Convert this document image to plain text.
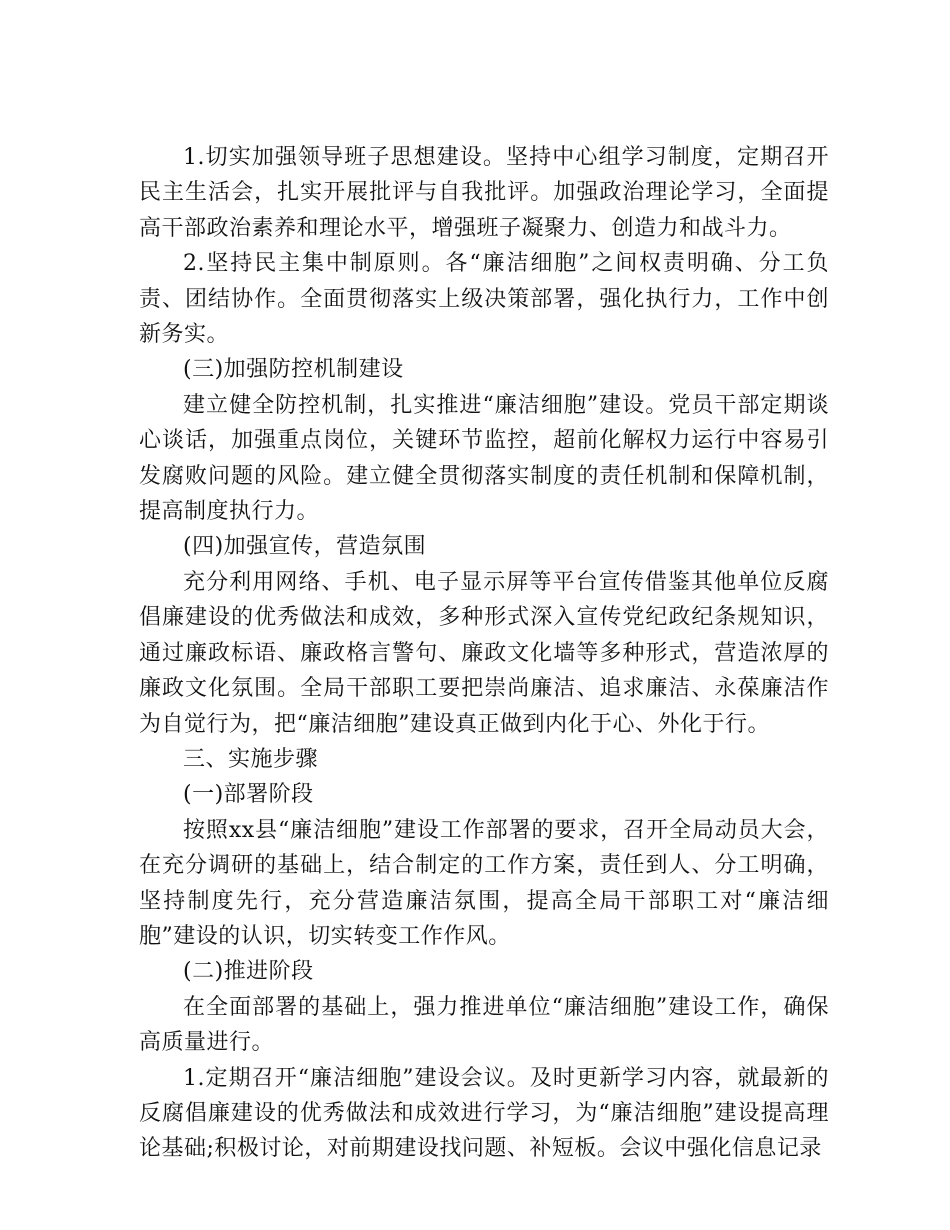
1.切实加强领导班子思想建设。坚持中心组学习制度，定期召开民主生活会，扎实开展批评与自我批评。加强政治理论学习，全面提高干部政治素养和理论水平，增强班子凝聚力、创造力和战斗力。

2.坚持民主集中制原则。各“廉洁细胞”之间权责明确、分工负责、团结协作。全面贯彻落实上级决策部署，强化执行力，工作中创新务实。

(三)加强防控机制建设

建立健全防控机制，扎实推进“廉洁细胞”建设。党员干部定期谈心谈话，加强重点岗位，关键环节监控，超前化解权力运行中容易引发腐败问题的风险。建立健全贯彻落实制度的责任机制和保障机制，提高制度执行力。

(四)加强宣传，营造氛围

充分利用网络、手机、电子显示屏等平台宣传借鉴其他单位反腐倡廉建设的优秀做法和成效，多种形式深入宣传党纪政纪条规知识，通过廉政标语、廉政格言警句、廉政文化墙等多种形式，营造浓厚的廉政文化氛围。全局干部职工要把崇尚廉洁、追求廉洁、永葆廉洁作为自觉行为，把“廉洁细胞”建设真正做到内化于心、外化于行。

三、实施步骤

(一)部署阶段

按照xx县“廉洁细胞”建设工作部署的要求，召开全局动员大会，在充分调研的基础上，结合制定的工作方案，责任到人、分工明确，坚持制度先行，充分营造廉洁氛围，提高全局干部职工对“廉洁细胞”建设的认识，切实转变工作作风。

(二)推进阶段

在全面部署的基础上，强力推进单位“廉洁细胞”建设工作，确保高质量进行。

1.定期召开“廉洁细胞”建设会议。及时更新学习内容，就最新的反腐倡廉建设的优秀做法和成效进行学习，为“廉洁细胞”建设提高理论基础;积极讨论，对前期建设找问题、补短板。会议中强化信息记录
